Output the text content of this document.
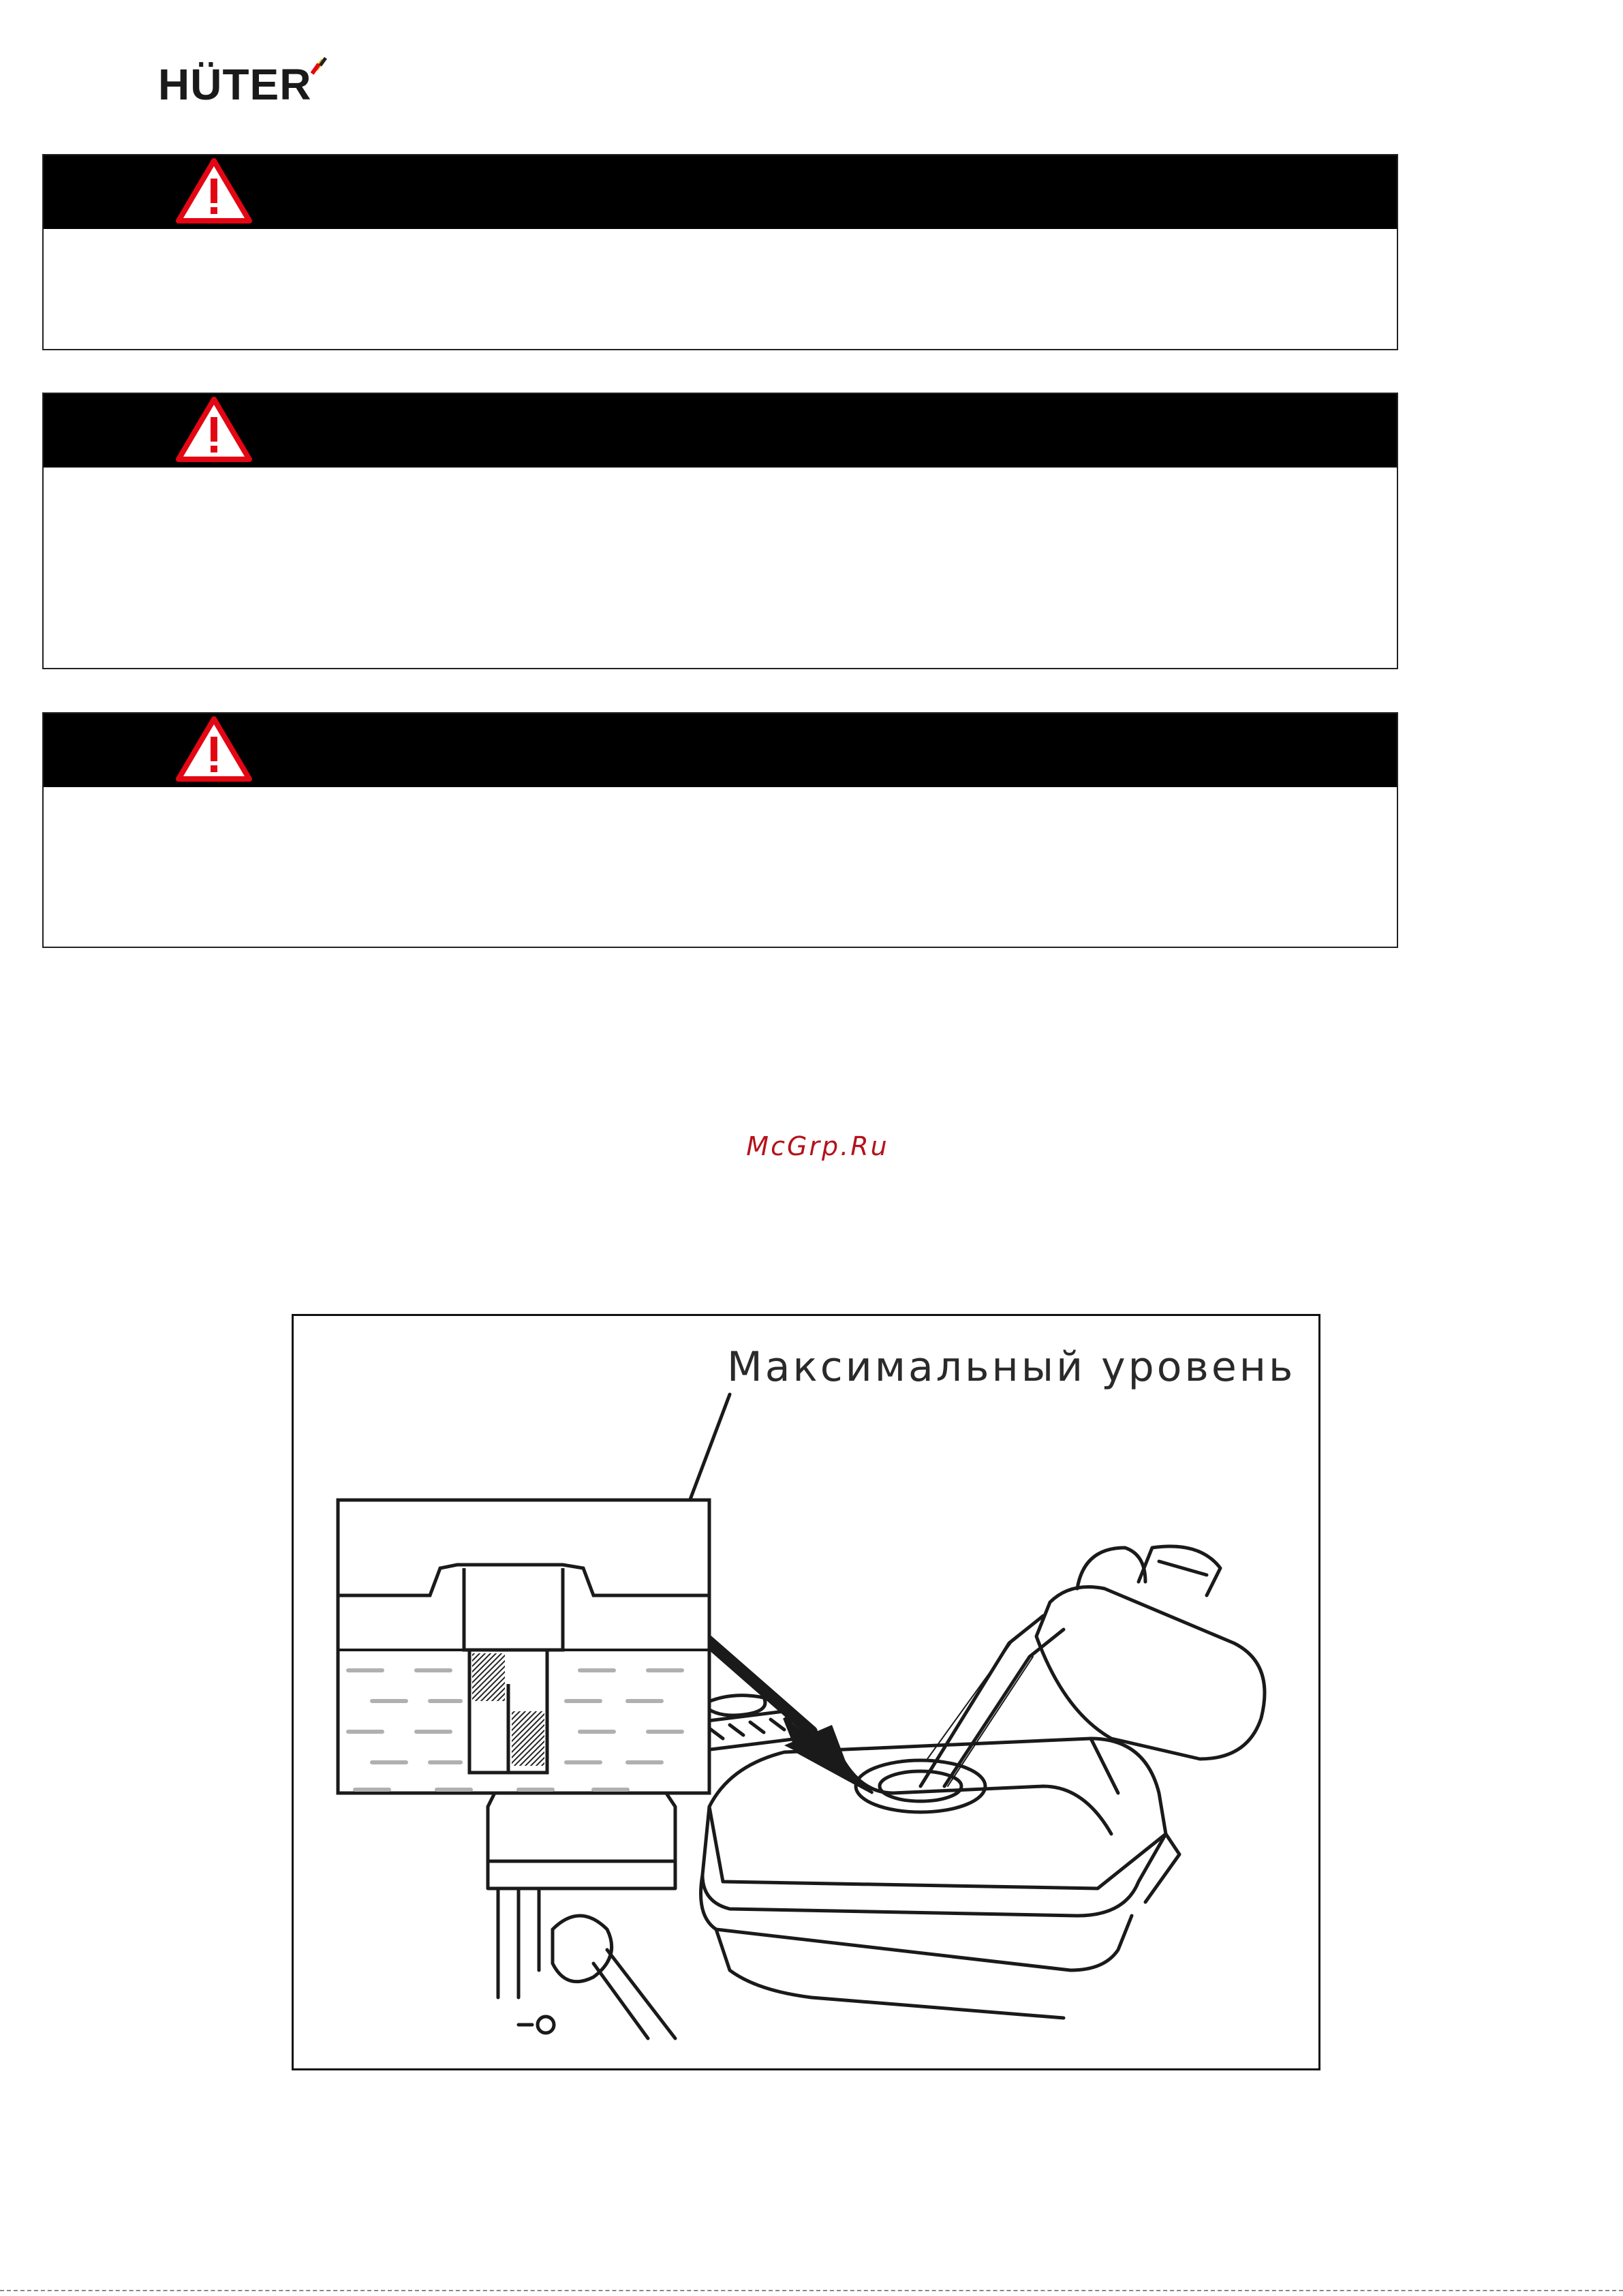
HÜTER
McGrp.Ru
Максимальный уровень
